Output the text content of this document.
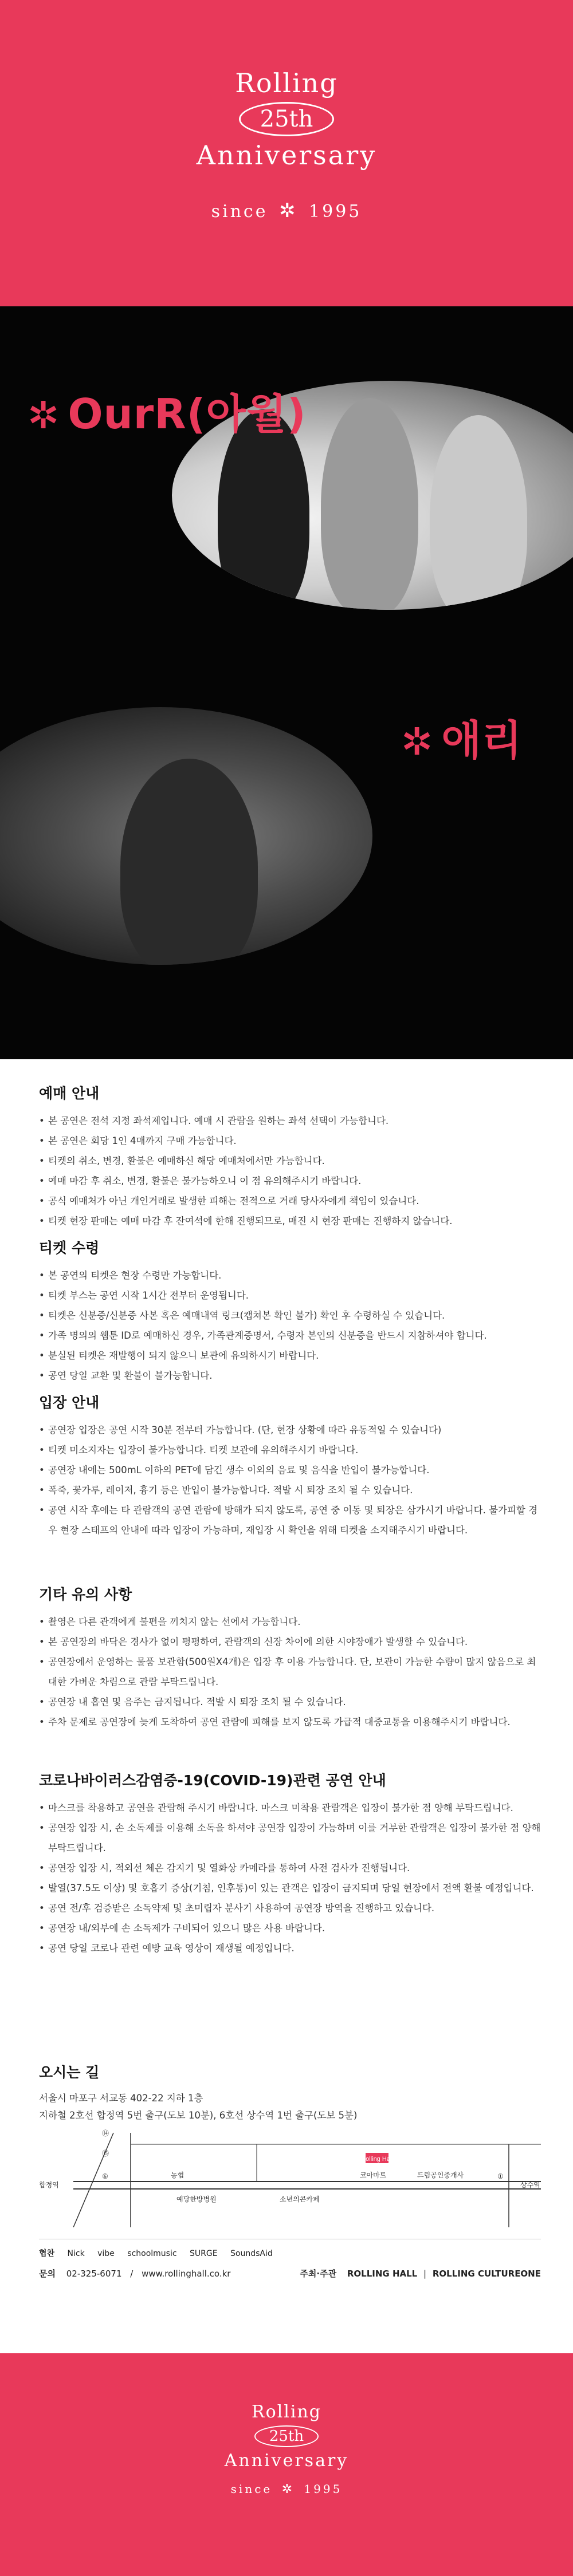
Rolling
25th
Anniversary
since ✲ 1995
✲ OurR(아월)
✲ 애리
예매 안내
• 본 공연은 전석 지정 좌석제입니다. 예매 시 관람을 원하는 좌석 선택이 가능합니다.
• 본 공연은 회당 1인 4매까지 구매 가능합니다.
• 티켓의 취소, 변경, 환불은 예매하신 해당 예매처에서만 가능합니다.
• 예매 마감 후 취소, 변경, 환불은 불가능하오니 이 점 유의해주시기 바랍니다.
• 공식 예매처가 아닌 개인거래로 발생한 피해는 전적으로 거래 당사자에게 책임이 있습니다.
• 티켓 현장 판매는 예매 마감 후 잔여석에 한해 진행되므로, 매진 시 현장 판매는 진행하지 않습니다.
티켓 수령
• 본 공연의 티켓은 현장 수령만 가능합니다.
• 티켓 부스는 공연 시작 1시간 전부터 운영됩니다.
• 티켓은 신분증/신분증 사본 혹은 예매내역 링크(캡쳐본 확인 불가) 확인 후 수령하실 수 있습니다.
• 가족 명의의 웹툰 ID로 예매하신 경우, 가족관계증명서, 수령자 본인의 신분증을 반드시 지참하셔야 합니다.
• 분실된 티켓은 재발행이 되지 않으니 보관에 유의하시기 바랍니다.
• 공연 당일 교환 및 환불이 불가능합니다.
입장 안내
• 공연장 입장은 공연 시작 30분 전부터 가능합니다. (단, 현장 상황에 따라 유동적일 수 있습니다)
• 티켓 미소지자는 입장이 불가능합니다. 티켓 보관에 유의해주시기 바랍니다.
• 공연장 내에는 500mL 이하의 PET에 담긴 생수 이외의 음료 및 음식을 반입이 불가능합니다.
• 폭죽, 꽃가루, 레이저, 흉기 등은 반입이 불가능합니다. 적발 시 퇴장 조치 될 수 있습니다.
• 공연 시작 후에는 타 관람객의 공연 관람에 방해가 되지 않도록, 공연 중 이동 및 퇴장은 삼가시기 바랍니다. 불가피할 경우 현장 스태프의 안내에 따라 입장이 가능하며, 재입장 시 확인을 위해 티켓을 소지해주시기 바랍니다.
기타 유의 사항
• 촬영은 다른 관객에게 불편을 끼치지 않는 선에서 가능합니다.
• 본 공연장의 바닥은 경사가 없이 평평하여, 관람객의 신장 차이에 의한 시야장애가 발생할 수 있습니다.
• 공연장에서 운영하는 물품 보관함(500원X4개)은 입장 후 이용 가능합니다. 단, 보관이 가능한 수량이 많지 않음으로 최대한 가벼운 차림으로 관람 부탁드립니다.
• 공연장 내 흡연 및 음주는 금지됩니다. 적발 시 퇴장 조치 될 수 있습니다.
• 주차 문제로 공연장에 늦게 도착하여 공연 관람에 피해를 보지 않도록 가급적 대중교통을 이용해주시기 바랍니다.
코로나바이러스감염증-19(COVID-19)관련 공연 안내
• 마스크를 착용하고 공연을 관람해 주시기 바랍니다. 마스크 미착용 관람객은 입장이 불가한 점 양해 부탁드립니다.
• 공연장 입장 시, 손 소독제를 이용해 소독을 하셔야 공연장 입장이 가능하며 이를 거부한 관람객은 입장이 불가한 점 양해 부탁드립니다.
• 공연장 입장 시, 적외선 체온 감지기 및 열화상 카메라를 통하여 사전 검사가 진행됩니다.
• 발열(37.5도 이상) 및 호흡기 증상(기침, 인후통)이 있는 관객은 입장이 금지되며 당일 현장에서 전액 환불 예정입니다.
• 공연 전/후 검증받은 소독약제 및 초미립자 분사기 사용하여 공연장 방역을 진행하고 있습니다.
• 공연장 내/외부에 손 소독제가 구비되어 있으니 많은 사용 바랍니다.
• 공연 당일 코로나 관련 예방 교육 영상이 재생될 예정입니다.
오시는 길
서울시 마포구 서교동 402-22 지하 1층
지하철 2호선 합정역 5번 출구(도보 10분), 6호선 상수역 1번 출구(도보 5분)
Rolling Hall
합정역	상수역
⑭
⑮
⑥	①
농협	코아마트	드림공인중개사
예당한방병원	소년의콘카페
협찬 Nick vibe schoolmusic SURGE SoundsAid
문의 02-325-6071 / www.rollinghall.co.kr	주최·주관 ROLLING HALL | ROLLING CULTUREONE
Rolling
25th
Anniversary
since ✲ 1995
